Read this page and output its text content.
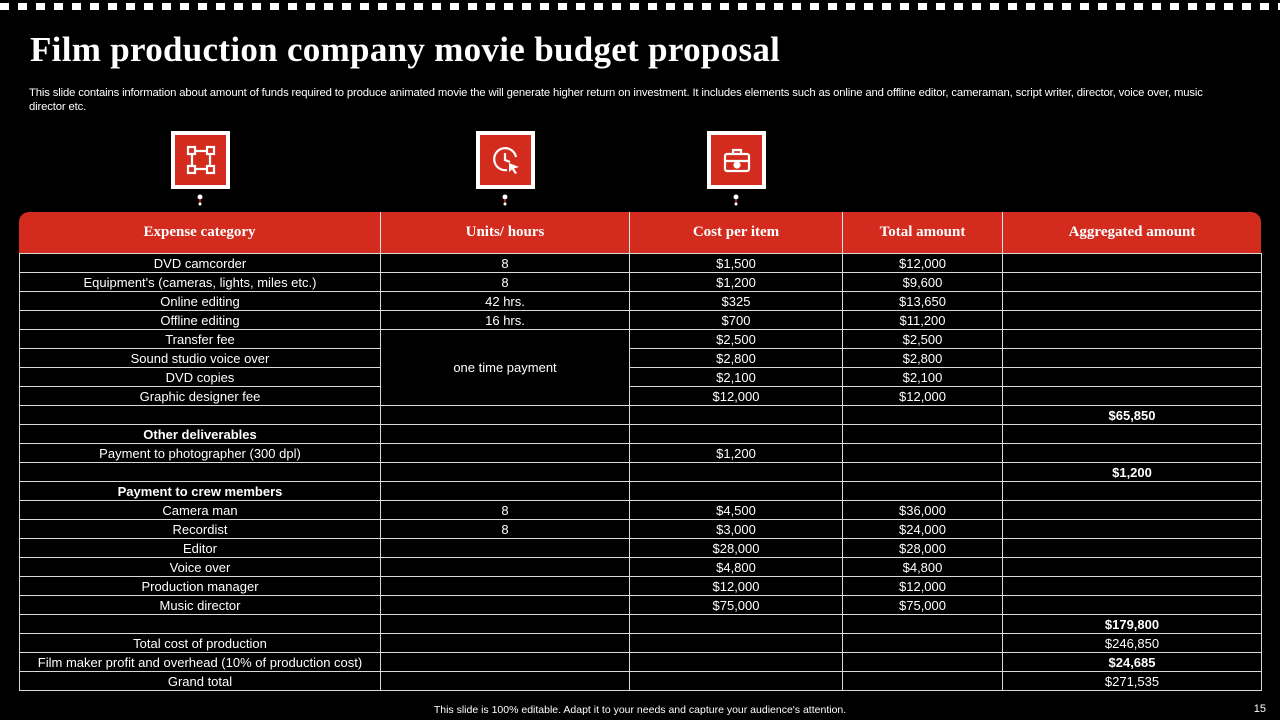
Film production company movie budget proposal

This slide contains information about amount of funds required to produce animated movie the will generate higher return on investment. It includes elements such as online and offline editor, cameraman, script writer, director, voice over, music director etc.

Expense category	Units/ hours	Cost per item	Total amount	Aggregated amount
DVD camcorder	8	$1,500	$12,000	
Equipment's (cameras, lights, miles etc.)	8	$1,200	$9,600	
Online editing	42 hrs.	$325	$13,650	
Offline editing	16 hrs.	$700	$11,200	
Transfer fee	one time payment	$2,500	$2,500	
Sound studio voice over		$2,800	$2,800	
DVD copies		$2,100	$2,100	
Graphic designer fee		$12,000	$12,000	
				$65,850
Other deliverables				
Payment to photographer (300 dpl)		$1,200		
				$1,200
Payment to crew members				
Camera man	8	$4,500	$36,000	
Recordist	8	$3,000	$24,000	
Editor		$28,000	$28,000	
Voice over		$4,800	$4,800	
Production manager		$12,000	$12,000	
Music director		$75,000	$75,000	
				$179,800
Total cost of production				$246,850
Film maker profit and overhead (10% of production cost)				$24,685
Grand total				$271,535
This slide is 100% editable. Adapt it to your needs and capture your audience's attention.	15
